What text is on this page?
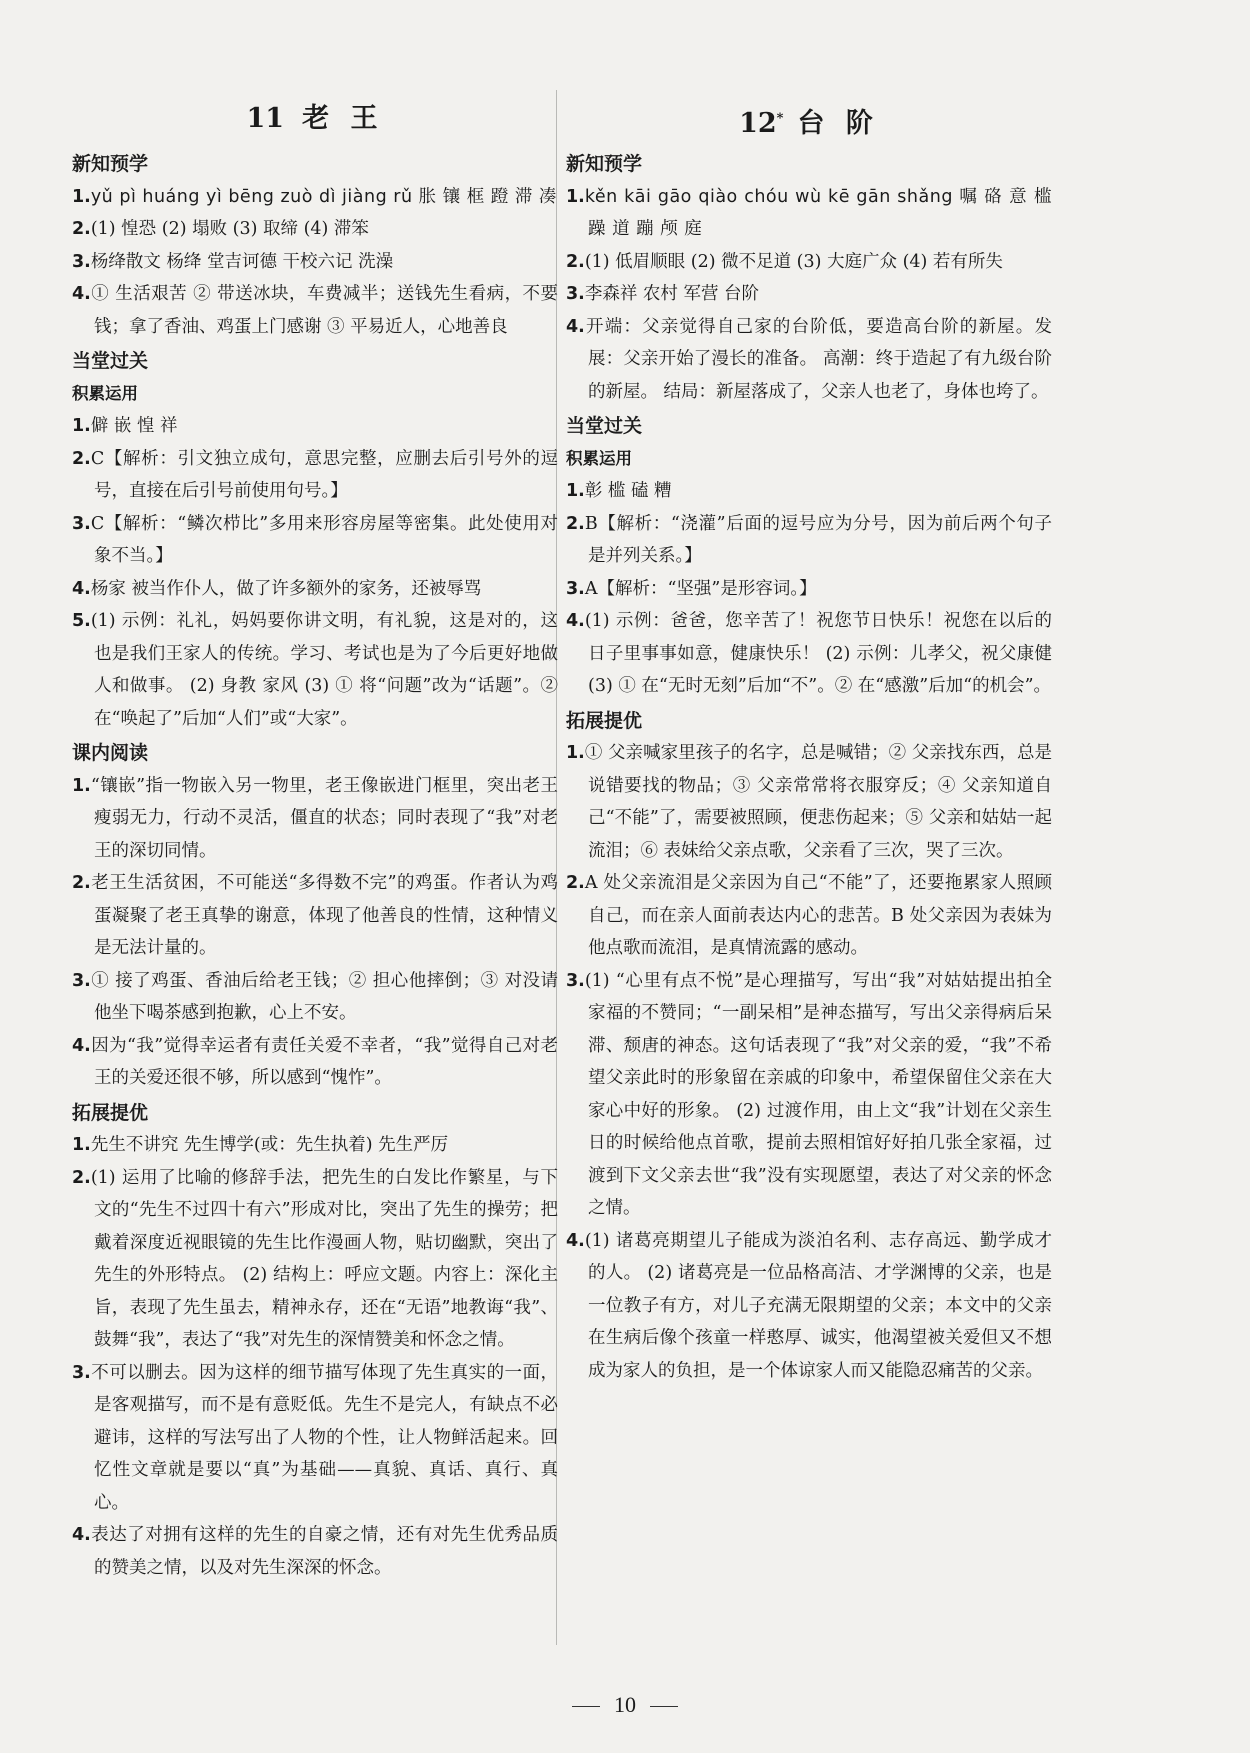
11 老 王
新知预学
1.yǔ pì huáng yì bēng zuò dì jiàng rǔ 胀 镶 框 蹬 滞 凑
2.(1) 惶恐 (2) 塌败 (3) 取缔 (4) 滞笨
3.杨绛散文 杨绛 堂吉诃德 干校六记 洗澡
4.① 生活艰苦 ② 带送冰块，车费减半；送钱先生看病，不要钱；拿了香油、鸡蛋上门感谢 ③ 平易近人，心地善良
当堂过关
积累运用
1.僻 嵌 惶 祥
2.C【解析：引文独立成句，意思完整，应删去后引号外的逗号，直接在后引号前使用句号。】
3.C【解析：“鳞次栉比”多用来形容房屋等密集。此处使用对象不当。】
4.杨家 被当作仆人，做了许多额外的家务，还被辱骂
5.(1) 示例：礼礼，妈妈要你讲文明，有礼貌，这是对的，这也是我们王家人的传统。学习、考试也是为了今后更好地做人和做事。 (2) 身教 家风 (3) ① 将“问题”改为“话题”。② 在“唤起了”后加“人们”或“大家”。
课内阅读
1.“镶嵌”指一物嵌入另一物里，老王像嵌进门框里，突出老王瘦弱无力，行动不灵活，僵直的状态；同时表现了“我”对老王的深切同情。
2.老王生活贫困，不可能送“多得数不完”的鸡蛋。作者认为鸡蛋凝聚了老王真挚的谢意，体现了他善良的性情，这种情义是无法计量的。
3.① 接了鸡蛋、香油后给老王钱；② 担心他摔倒；③ 对没请他坐下喝茶感到抱歉，心上不安。
4.因为“我”觉得幸运者有责任关爱不幸者，“我”觉得自己对老王的关爱还很不够，所以感到“愧怍”。
拓展提优
1.先生不讲究 先生博学(或：先生执着) 先生严厉
2.(1) 运用了比喻的修辞手法，把先生的白发比作繁星，与下文的“先生不过四十有六”形成对比，突出了先生的操劳；把戴着深度近视眼镜的先生比作漫画人物，贴切幽默，突出了先生的外形特点。 (2) 结构上：呼应文题。内容上：深化主旨，表现了先生虽去，精神永存，还在“无语”地教诲“我”、鼓舞“我”，表达了“我”对先生的深情赞美和怀念之情。
3.不可以删去。因为这样的细节描写体现了先生真实的一面，是客观描写，而不是有意贬低。先生不是完人，有缺点不必避讳，这样的写法写出了人物的个性，让人物鲜活起来。回忆性文章就是要以“真”为基础——真貌、真话、真行、真心。
4.表达了对拥有这样的先生的自豪之情，还有对先生优秀品质的赞美之情，以及对先生深深的怀念。
12* 台 阶
新知预学
1.kěn kāi gāo qiào chóu wù kē gān shǎng 嘱 硌 意 槛 躁 道 蹦 颅 庭
2.(1) 低眉顺眼 (2) 微不足道 (3) 大庭广众 (4) 若有所失
3.李森祥 农村 军营 台阶
4.开端：父亲觉得自己家的台阶低，要造高台阶的新屋。发展：父亲开始了漫长的准备。 高潮：终于造起了有九级台阶的新屋。 结局：新屋落成了，父亲人也老了，身体也垮了。
当堂过关
积累运用
1.彰 槛 磕 糟
2.B【解析：“浇灌”后面的逗号应为分号，因为前后两个句子是并列关系。】
3.A【解析：“坚强”是形容词。】
4.(1) 示例：爸爸，您辛苦了！祝您节日快乐！祝您在以后的日子里事事如意，健康快乐！ (2) 示例：儿孝父，祝父康健 (3) ① 在“无时无刻”后加“不”。② 在“感激”后加“的机会”。
拓展提优
1.① 父亲喊家里孩子的名字，总是喊错；② 父亲找东西，总是说错要找的物品；③ 父亲常常将衣服穿反；④ 父亲知道自己“不能”了，需要被照顾，便悲伤起来；⑤ 父亲和姑姑一起流泪；⑥ 表妹给父亲点歌，父亲看了三次，哭了三次。
2.A 处父亲流泪是父亲因为自己“不能”了，还要拖累家人照顾自己，而在亲人面前表达内心的悲苦。B 处父亲因为表妹为他点歌而流泪，是真情流露的感动。
3.(1) “心里有点不悦”是心理描写，写出“我”对姑姑提出拍全家福的不赞同；“一副呆相”是神态描写，写出父亲得病后呆滞、颓唐的神态。这句话表现了“我”对父亲的爱，“我”不希望父亲此时的形象留在亲戚的印象中，希望保留住父亲在大家心中好的形象。 (2) 过渡作用，由上文“我”计划在父亲生日的时候给他点首歌，提前去照相馆好好拍几张全家福，过渡到下文父亲去世“我”没有实现愿望，表达了对父亲的怀念之情。
4.(1) 诸葛亮期望儿子能成为淡泊名利、志存高远、勤学成才的人。 (2) 诸葛亮是一位品格高洁、才学渊博的父亲，也是一位教子有方，对儿子充满无限期望的父亲；本文中的父亲在生病后像个孩童一样憨厚、诚实，他渴望被关爱但又不想成为家人的负担，是一个体谅家人而又能隐忍痛苦的父亲。
10
